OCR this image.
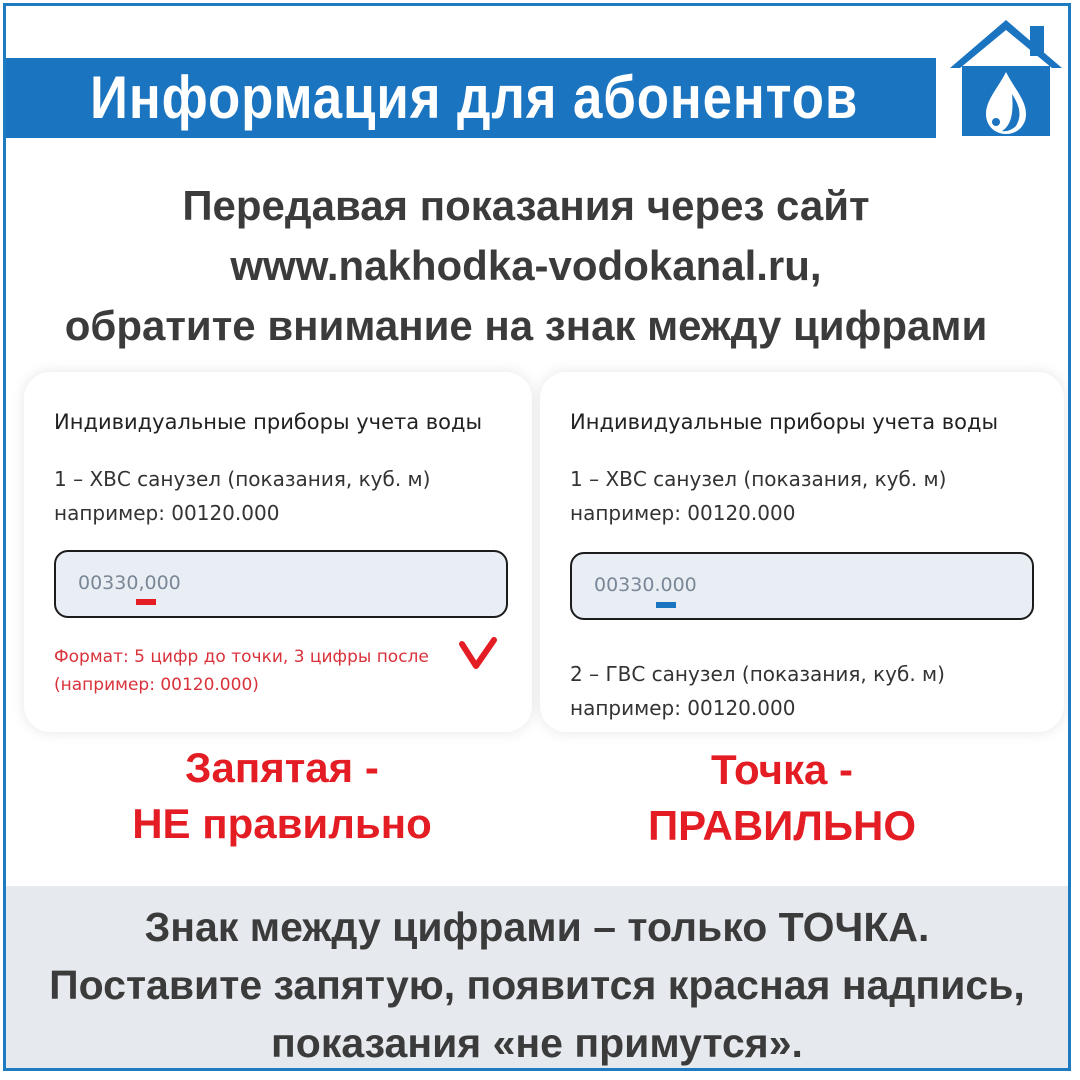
Информация для абонентов
Передавая показания через сайт
www.nakhodka-vodokanal.ru,
обратите внимание на знак между цифрами
Индивидуальные приборы учета воды
1 – ХВС санузел (показания, куб. м)
например: 00120.000
00330,000
Формат: 5 цифр до точки, 3 цифры после
(например: 00120.000)
Индивидуальные приборы учета воды
1 – ХВС санузел (показания, куб. м)
например: 00120.000
00330.000
2 – ГВС санузел (показания, куб. м)
например: 00120.000
Запятая -
НЕ правильно
Точка -
ПРАВИЛЬНО
Знак между цифрами – только ТОЧКА.
Поставите запятую, появится красная надпись,
показания «не примутся».
